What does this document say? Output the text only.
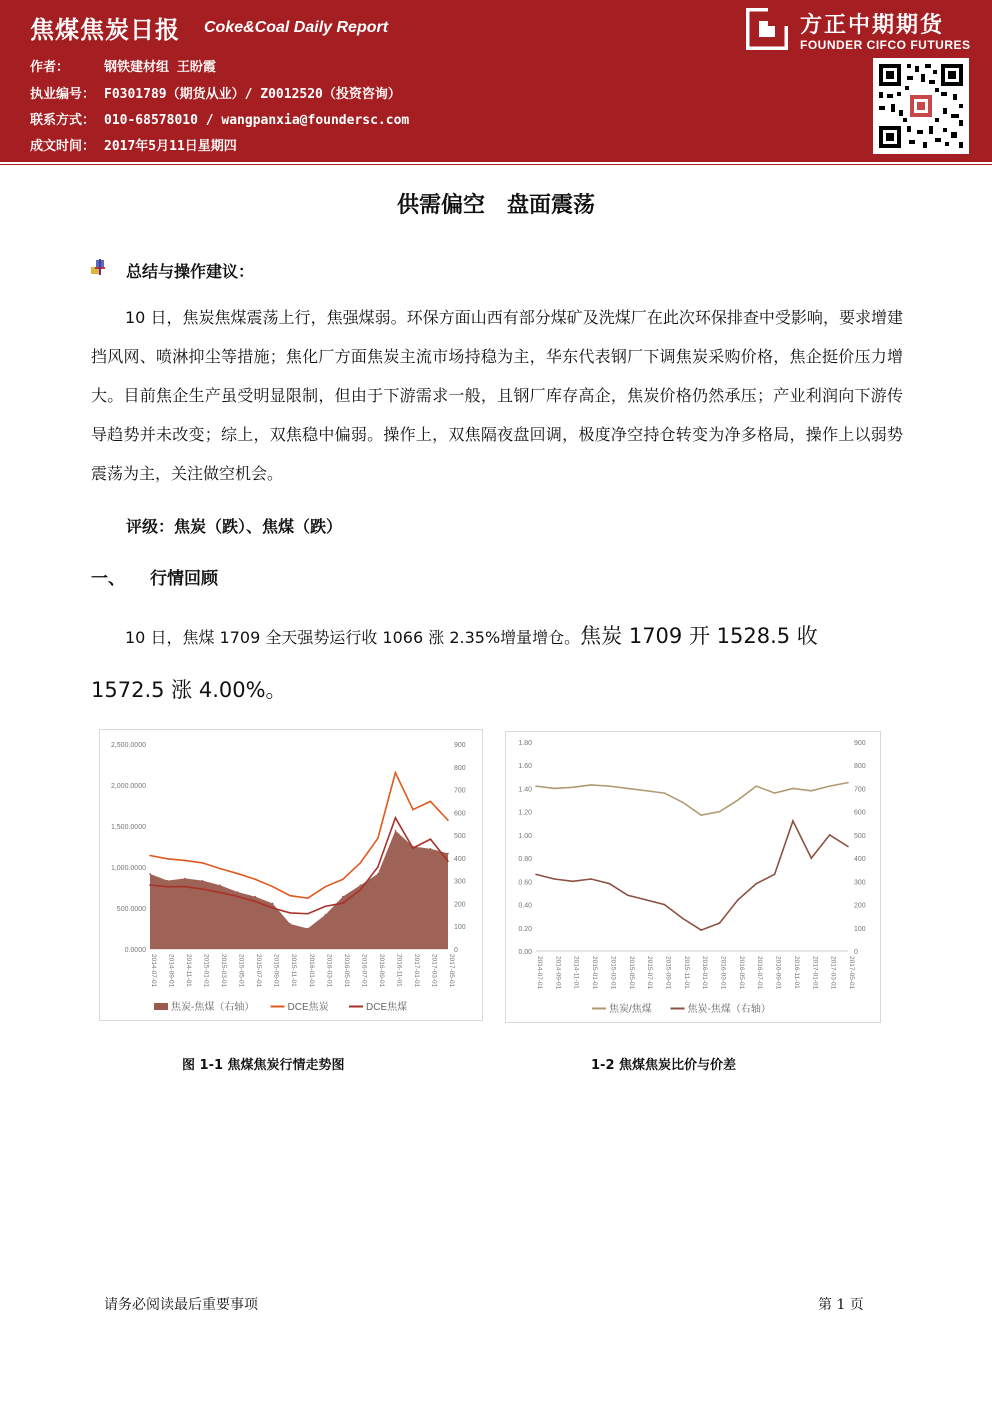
焦煤焦炭日报 Coke&Coal Daily Report	方正中期期货
FOUNDER CIFCO FUTURES
作者：	钢铁建材组 王盼霞
执业编号： F0301789（期货从业）/ Z0012520（投资咨询）
联系方式： 010-68578010 / wangpanxia@foundersc.com
成文时间： 2017年5月11日星期四
供需偏空　盘面震荡
总结与操作建议：

10 日，焦炭焦煤震荡上行，焦强煤弱。环保方面山西有部分煤矿及洗煤厂在此次环保排查中受影响，要求增建挡风网、喷淋抑尘等措施；焦化厂方面焦炭主流市场持稳为主，华东代表钢厂下调焦炭采购价格，焦企挺价压力增大。目前焦企生产虽受明显限制，但由于下游需求一般，且钢厂库存高企，焦炭价格仍然承压；产业利润向下游传导趋势并未改变；综上，双焦稳中偏弱。操作上，双焦隔夜盘回调，极度净空持仓转变为净多格局，操作上以弱势震荡为主，关注做空机会。

评级：焦炭（跌）、焦煤（跌）
一、 行情回顾

10 日，焦煤 1709 全天强势运行收 1066 涨 2.35%增量增仓。焦炭 1709 开 1528.5 收
1572.5 涨 4.00%。

0.0000
500.0000
1,000.0000
1,500.0000
2,000.0000
2,500.0000
0
100
200
300
400
500
600
700
800
900
2014-07-01 2014-09-01 2014-11-01 2015-01-01 2015-03-01 2015-05-01 2015-07-01 2015-09-01 2015-11-01 2016-01-01 2016-03-01 2016-05-01 2016-07-01 2016-09-01 2016-11-01 2017-01-01 2017-03-01 2017-05-01
焦炭-焦煤（右轴）	DCE焦炭	DCE焦煤
0.00
0.20
0.40
0.60
0.80
1.00
1.20
1.40
1.60
1.80
0
100
200
300
400
500
600
700
800
900
2014-07-01 2014-09-01 2014-11-01 2015-01-01 2015-03-01 2015-05-01 2015-07-01 2015-09-01 2015-11-01 2016-01-01 2016-03-01 2016-05-01 2016-07-01 2016-09-01 2016-11-01 2017-01-01 2017-03-01 2017-05-01
焦炭/焦煤	焦炭-焦煤（右轴）
图 1-1 焦煤焦炭行情走势图	1-2 焦煤焦炭比价与价差
请务必阅读最后重要事项	第 1 页
